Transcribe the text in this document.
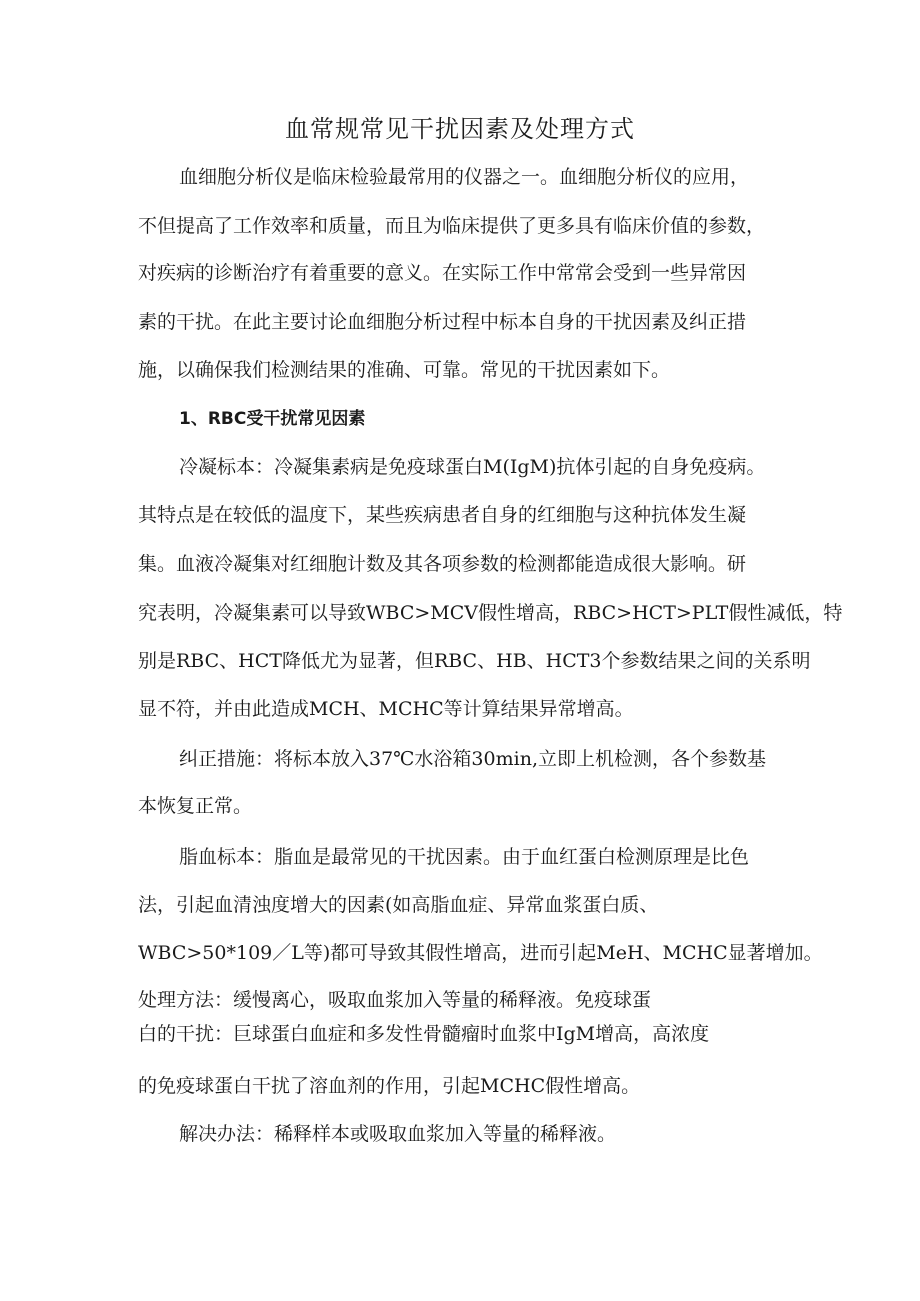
血常规常见干扰因素及处理方式
血细胞分析仪是临床检验最常用的仪器之一。血细胞分析仪的应用，
不但提高了工作效率和质量，而且为临床提供了更多具有临床价值的参数，
对疾病的诊断治疗有着重要的意义。在实际工作中常常会受到一些异常因
素的干扰。在此主要讨论血细胞分析过程中标本自身的干扰因素及纠正措
施，以确保我们检测结果的准确、可靠。常见的干扰因素如下。
1、RBC受干扰常见因素
冷凝标本：冷凝集素病是免疫球蛋白M(IgM)抗体引起的自身免疫病。
其特点是在较低的温度下，某些疾病患者自身的红细胞与这种抗体发生凝
集。血液冷凝集对红细胞计数及其各项参数的检测都能造成很大影响。研
究表明，冷凝集素可以导致WBC>MCV假性增高，RBC>HCT>PLT假性减低，特
别是RBC、HCT降低尤为显著，但RBC、HB、HCT3个参数结果之间的关系明
显不符，并由此造成MCH、MCHC等计算结果异常增高。
纠正措施：将标本放入37℃水浴箱30min,立即上机检测，各个参数基
本恢复正常。
脂血标本：脂血是最常见的干扰因素。由于血红蛋白检测原理是比色
法，引起血清浊度增大的因素(如高脂血症、异常血浆蛋白质、
WBC>50*109／L等)都可导致其假性增高，进而引起MeH、MCHC显著增加。
处理方法：缓慢离心，吸取血浆加入等量的稀释液。免疫球蛋
白的干扰：巨球蛋白血症和多发性骨髓瘤时血浆中IgM增高，高浓度
的免疫球蛋白干扰了溶血剂的作用，引起MCHC假性增高。
解决办法：稀释样本或吸取血浆加入等量的稀释液。
